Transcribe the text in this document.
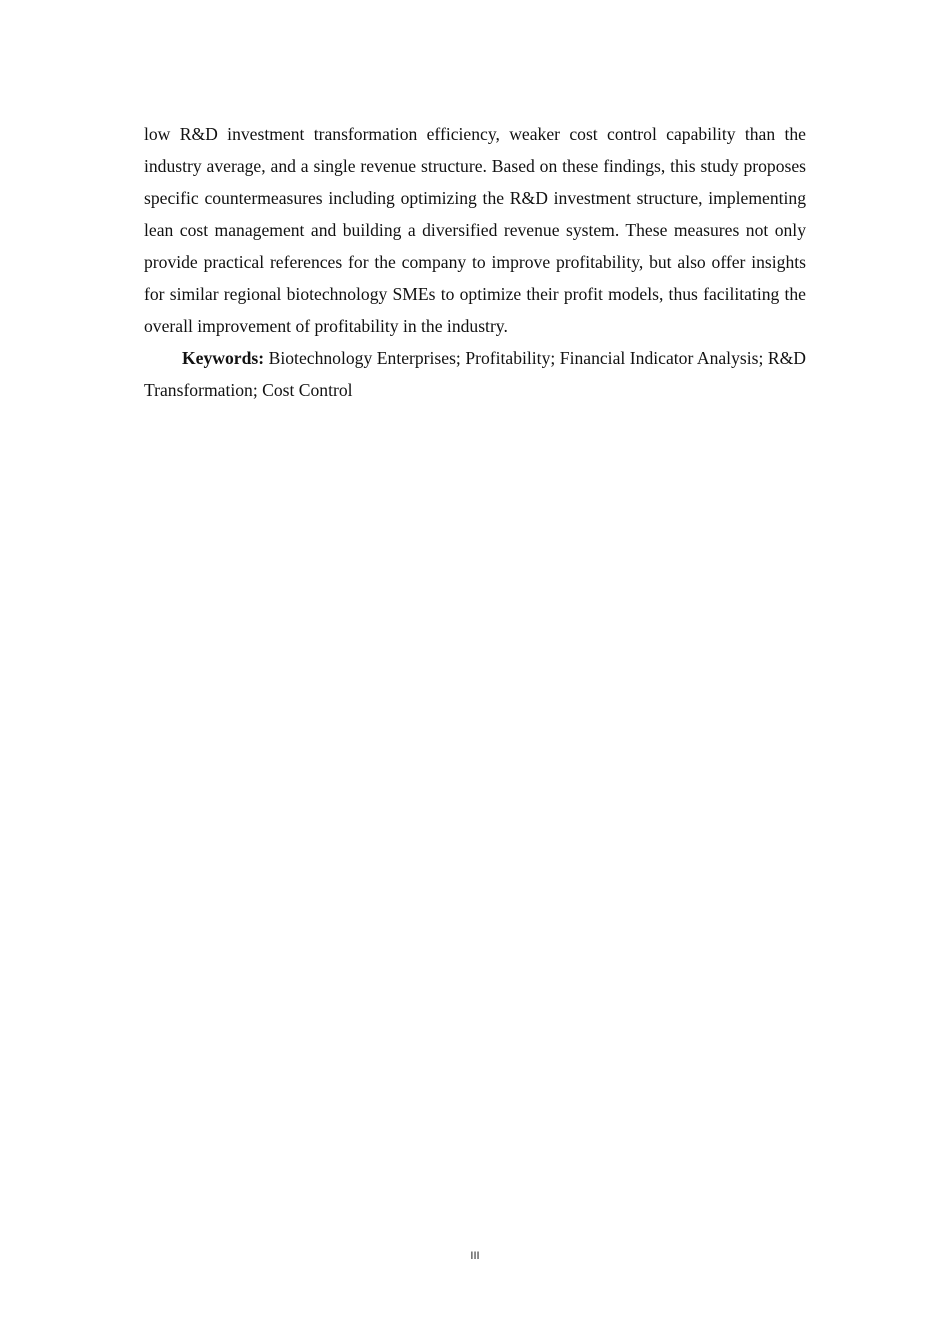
low R&D investment transformation efficiency, weaker cost control capability than the industry average, and a single revenue structure. Based on these findings, this study proposes specific countermeasures including optimizing the R&D investment structure, implementing lean cost management and building a diversified revenue system. These measures not only provide practical references for the company to improve profitability, but also offer insights for similar regional biotechnology SMEs to optimize their profit models, thus facilitating the overall improvement of profitability in the industry.

Keywords: Biotechnology Enterprises; Profitability; Financial Indicator Analysis; R&D Transformation; Cost Control

III
